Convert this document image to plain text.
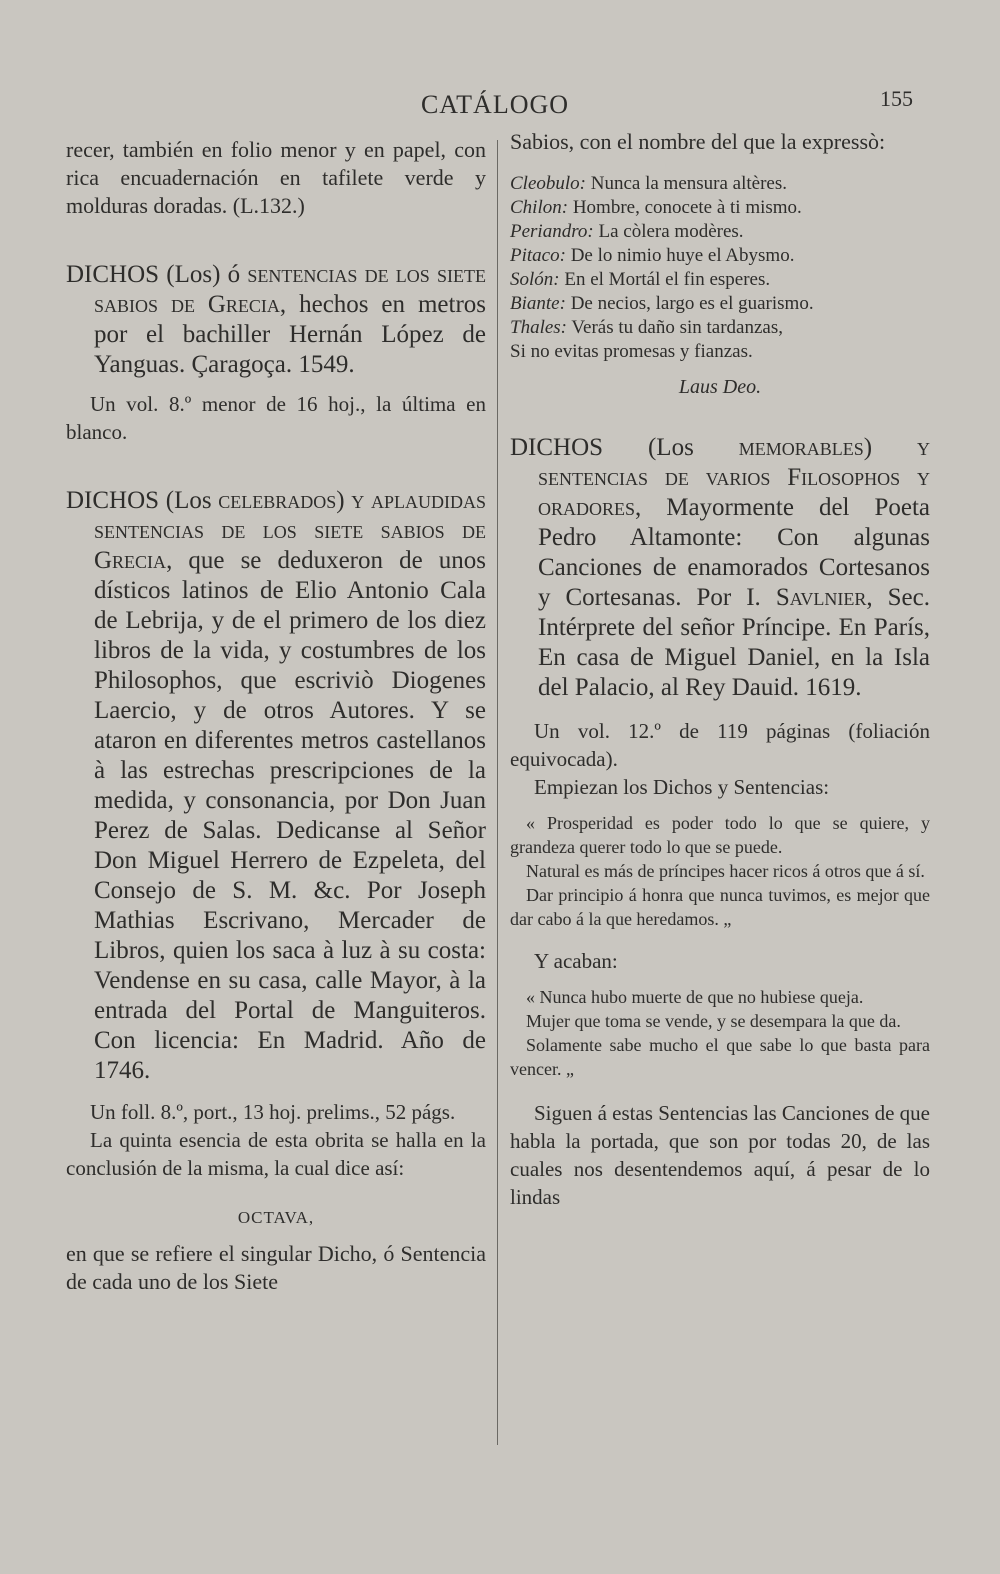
CATÁLOGO	155

recer, también en folio menor y en papel, con rica encuadernación en tafilete verde y molduras doradas. (L.132.)

DICHOS (Los) ó sentencias de los siete sabios de Grecia, hechos en metros por el bachiller Hernán López de Yanguas. Çaragoça. 1549.

Un vol. 8.º menor de 16 hoj., la última en blanco.

DICHOS (Los celebrados) y aplaudidas sentencias de los siete sabios de Grecia, que se deduxeron de unos dísticos latinos de Elio Antonio Cala de Lebrija, y de el primero de los diez libros de la vida, y costumbres de los Philosophos, que escriviò Diogenes Laercio, y de otros Autores. Y se ataron en diferentes metros castellanos à las estrechas prescripciones de la medida, y consonancia, por Don Juan Perez de Salas. Dedicanse al Señor Don Miguel Herrero de Ezpeleta, del Consejo de S. M. &c. Por Joseph Mathias Escrivano, Mercader de Libros, quien los saca à luz à su costa: Vendense en su casa, calle Mayor, à la entrada del Portal de Manguiteros. Con licencia: En Madrid. Año de 1746.

Un foll. 8.º, port., 13 hoj. prelims., 52 págs.

La quinta esencia de esta obrita se halla en la conclusión de la misma, la cual dice así:

OCTAVA,

en que se refiere el singular Dicho, ó Sentencia de cada uno de los Siete

Sabios, con el nombre del que la expressò:

Cleobulo: Nunca la mensura altères.

Chilon: Hombre, conocete à ti mismo.

Periandro: La còlera modères.

Pitaco: De lo nimio huye el Abysmo.

Solón: En el Mortál el fin esperes.

Biante: De necios, largo es el guarismo.

Thales: Verás tu daño sin tardanzas,

Si no evitas promesas y fianzas.

Laus Deo.

DICHOS (Los memorables) y sentencias de varios Filosophos y oradores, Mayormente del Poeta Pedro Altamonte: Con algunas Canciones de enamorados Cortesanos y Cortesanas. Por I. Savlnier, Sec. Intérprete del señor Príncipe. En París, En casa de Miguel Daniel, en la Isla del Palacio, al Rey Dauid. 1619.

Un vol. 12.º de 119 páginas (foliación equivocada).

Empiezan los Dichos y Sentencias:

« Prosperidad es poder todo lo que se quiere, y grandeza querer todo lo que se puede.

Natural es más de príncipes hacer ricos á otros que á sí.

Dar principio á honra que nunca tuvimos, es mejor que dar cabo á la que heredamos. „

Y acaban:

« Nunca hubo muerte de que no hubiese queja.

Mujer que toma se vende, y se desempara la que da.

Solamente sabe mucho el que sabe lo que basta para vencer. „

Siguen á estas Sentencias las Canciones de que habla la portada, que son por todas 20, de las cuales nos desentendemos aquí, á pesar de lo lindas
